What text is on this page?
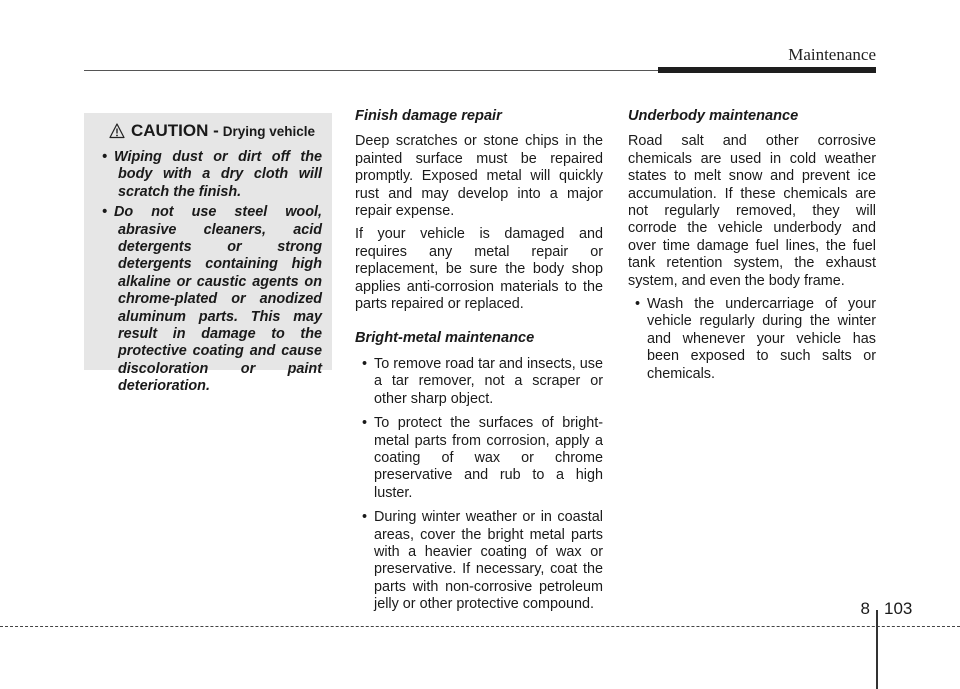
Maintenance
CAUTION - Drying vehicle
• Wiping dust or dirt off the body with a dry cloth will scratch the finish.
• Do not use steel wool, abrasive cleaners, acid detergents or strong detergents containing high alkaline or caustic agents on chrome-plated or anodized aluminum parts. This may result in damage to the protective coating and cause discoloration or paint deterioration.
Finish damage repair

Deep scratches or stone chips in the painted surface must be repaired promptly. Exposed metal will quickly rust and may develop into a major repair expense.

If your vehicle is damaged and requires any metal repair or replacement, be sure the body shop applies anti-corrosion materials to the parts repaired or replaced.

Bright-metal maintenance
• To remove road tar and insects, use a tar remover, not a scraper or other sharp object.
• To protect the surfaces of bright-metal parts from corrosion, apply a coating of wax or chrome preservative and rub to a high luster.
• During winter weather or in coastal areas, cover the bright metal parts with a heavier coating of wax or preservative. If necessary, coat the parts with non-corrosive petroleum jelly or other protective compound.
Underbody maintenance

Road salt and other corrosive chemicals are used in cold weather states to melt snow and prevent ice accumulation. If these chemicals are not regularly removed, they will corrode the vehicle underbody and over time damage fuel lines, the fuel tank retention system, the exhaust system, and even the body frame.

• Wash the undercarriage of your vehicle regularly during the winter and whenever your vehicle has been exposed to such salts or chemicals.
8 103
